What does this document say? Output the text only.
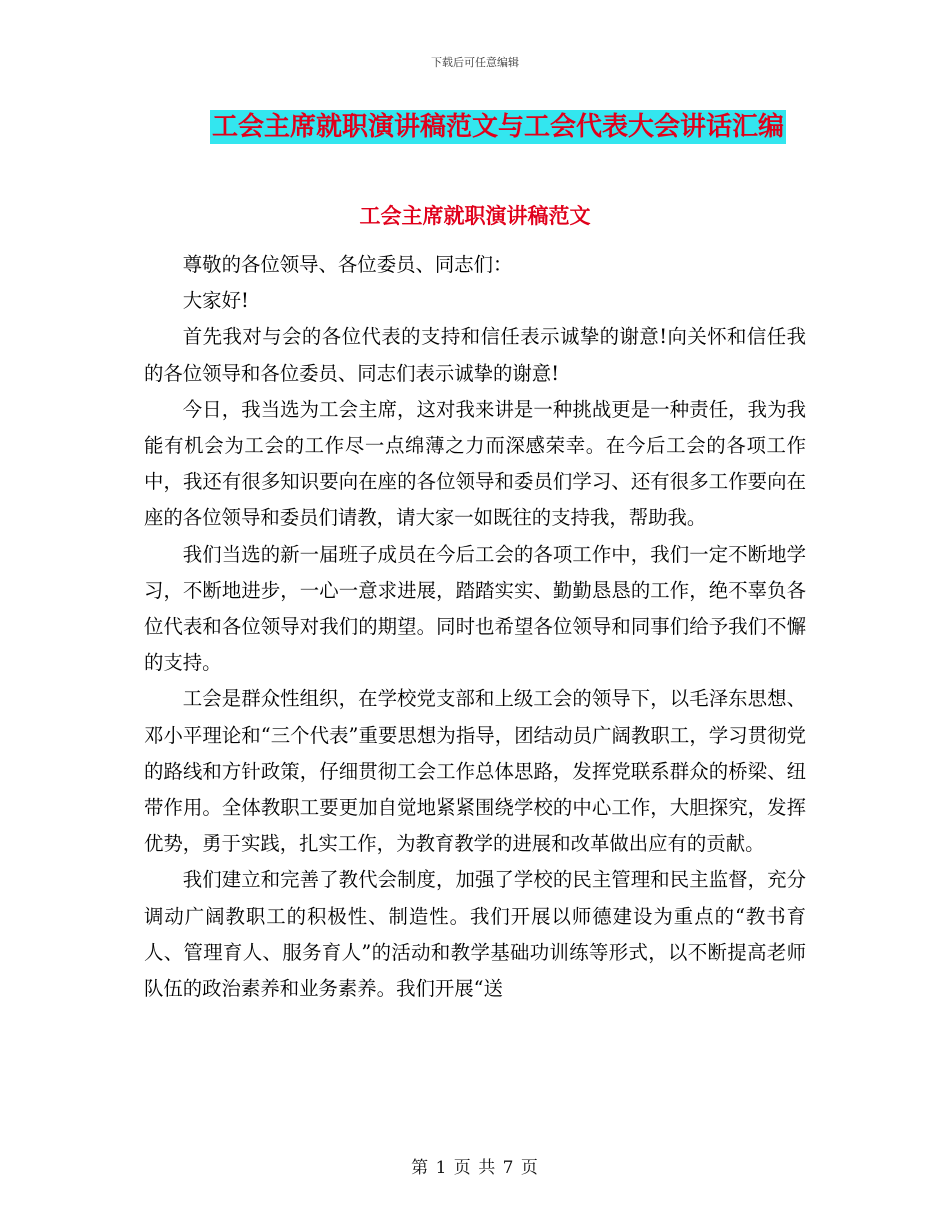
下载后可任意编辑
工会主席就职演讲稿范文与工会代表大会讲话汇编
工会主席就职演讲稿范文

尊敬的各位领导、各位委员、同志们：

大家好!

首先我对与会的各位代表的支持和信任表示诚挚的谢意!向关怀和信任我的各位领导和各位委员、同志们表示诚挚的谢意!

今日，我当选为工会主席，这对我来讲是一种挑战更是一种责任，我为我能有机会为工会的工作尽一点绵薄之力而深感荣幸。在今后工会的各项工作中，我还有很多知识要向在座的各位领导和委员们学习、还有很多工作要向在座的各位领导和委员们请教，请大家一如既往的支持我，帮助我。

我们当选的新一届班子成员在今后工会的各项工作中，我们一定不断地学习，不断地进步，一心一意求进展，踏踏实实、勤勤恳恳的工作，绝不辜负各位代表和各位领导对我们的期望。同时也希望各位领导和同事们给予我们不懈的支持。

工会是群众性组织，在学校党支部和上级工会的领导下，以毛泽东思想、邓小平理论和“三个代表”重要思想为指导，团结动员广阔教职工，学习贯彻党的路线和方针政策，仔细贯彻工会工作总体思路，发挥党联系群众的桥梁、纽带作用。全体教职工要更加自觉地紧紧围绕学校的中心工作，大胆探究，发挥优势，勇于实践，扎实工作，为教育教学的进展和改革做出应有的贡献。

我们建立和完善了教代会制度，加强了学校的民主管理和民主监督，充分调动广阔教职工的积极性、制造性。我们开展以师德建设为重点的“教书育人、管理育人、服务育人”的活动和教学基础功训练等形式，以不断提高老师队伍的政治素养和业务素养。我们开展“送

第 1 页 共 7 页
